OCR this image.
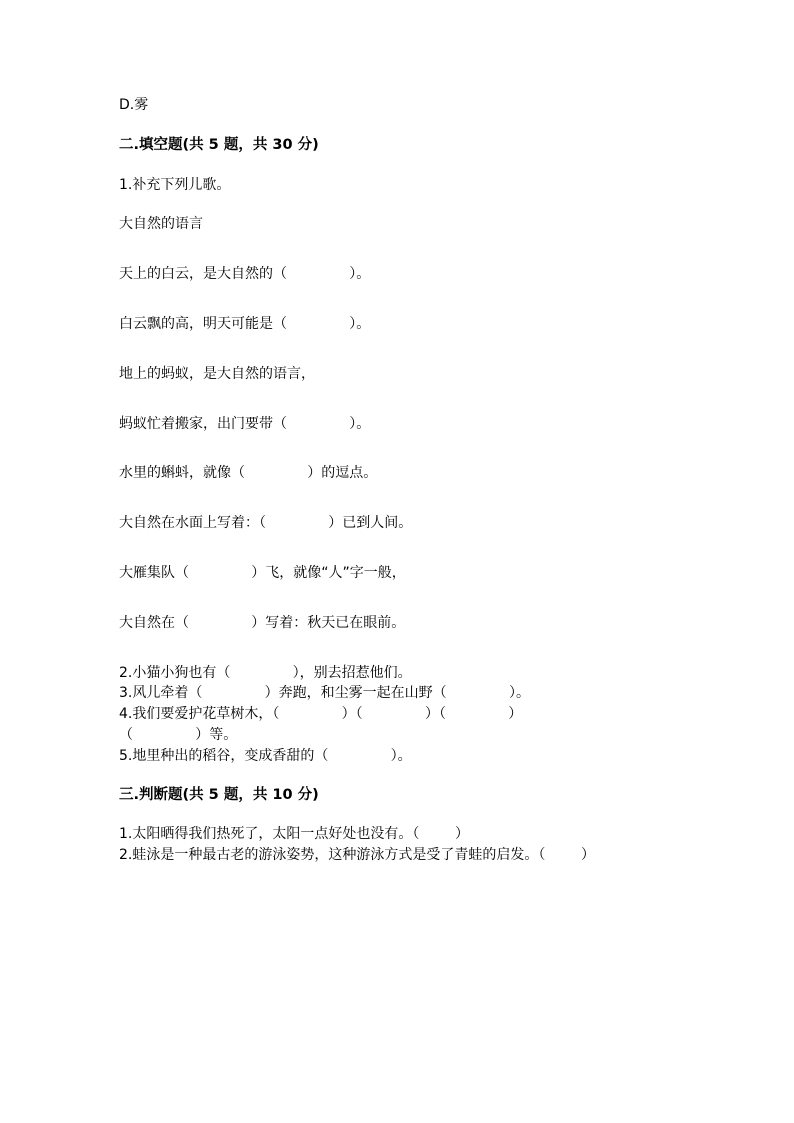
D.雾
二.填空题(共 5 题，共 30 分)
1.补充下列儿歌。
大自然的语言
天上的白云，是大自然的（              ）。
白云飘的高，明天可能是（              ）。
地上的蚂蚁，是大自然的语言，
蚂蚁忙着搬家，出门要带（              ）。
水里的蝌蚪，就像（              ）的逗点。
大自然在水面上写着：（              ）已到人间。
大雁集队（              ）飞，就像“人”字一般，
大自然在（              ）写着：秋天已在眼前。
2.小猫小狗也有（              ），别去招惹他们。
3.风儿牵着（              ）奔跑，和尘雾一起在山野（              ）。
4.我们要爱护花草树木，（              ）（              ）（              ）
（              ）等。
5.地里种出的稻谷，变成香甜的（              ）。
三.判断题(共 5 题，共 10 分)
1.太阳晒得我们热死了，太阳一点好处也没有。（        ）
2.蛙泳是一种最古老的游泳姿势，这种游泳方式是受了青蛙的启发。（        ）
